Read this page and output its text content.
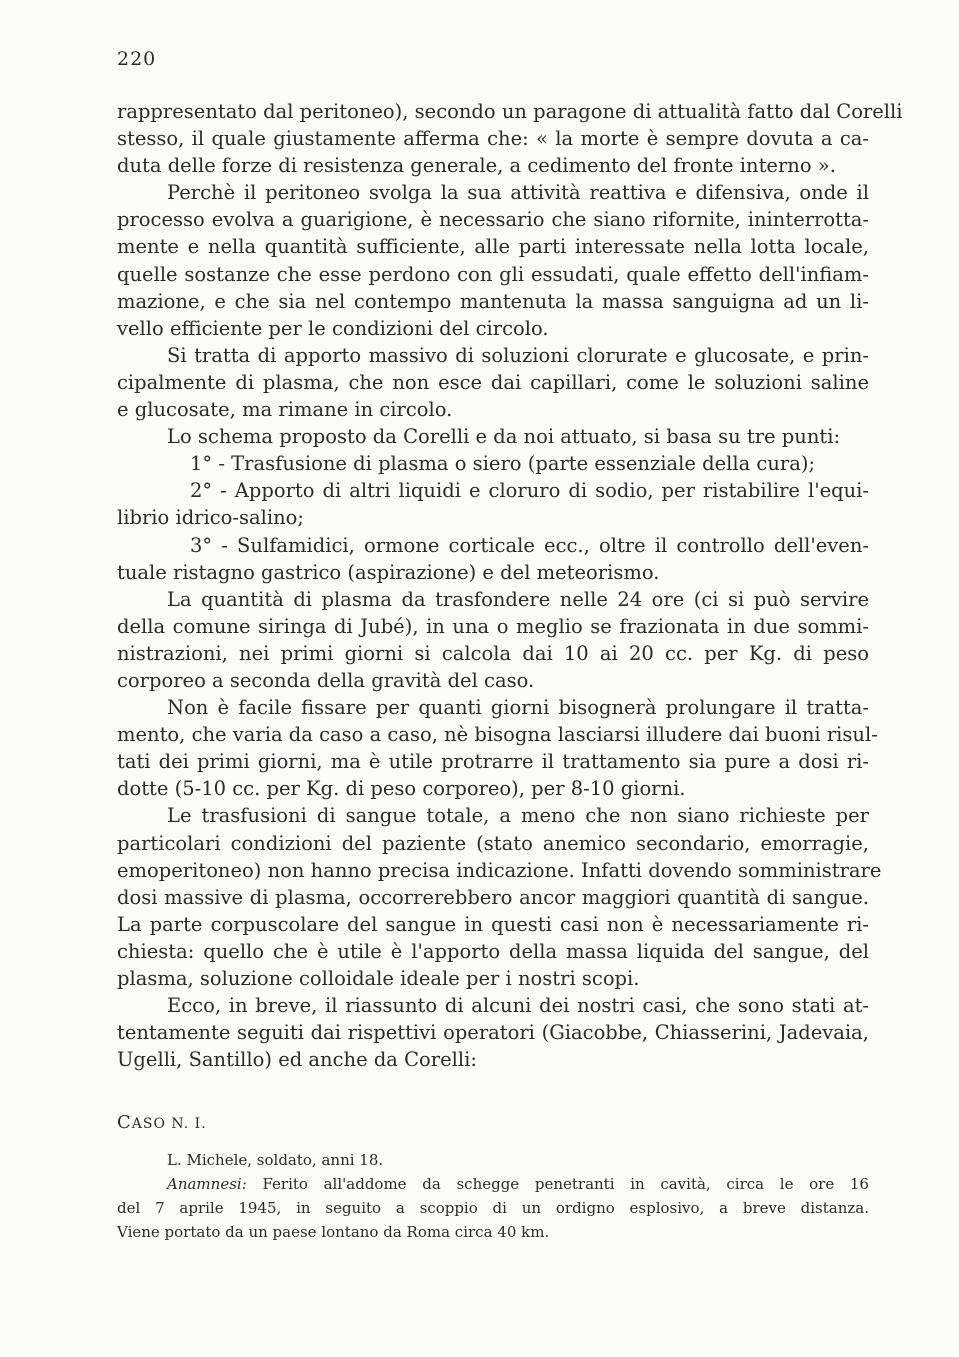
220
rappresentato dal peritoneo), secondo un paragone di attualità fatto dal Corelli
stesso, il quale giustamente afferma che: « la morte è sempre dovuta a ca-
duta delle forze di resistenza generale, a cedimento del fronte interno ».
Perchè il peritoneo svolga la sua attività reattiva e difensiva, onde il
processo evolva a guarigione, è necessario che siano rifornite, ininterrotta-
mente e nella quantità sufficiente, alle parti interessate nella lotta locale,
quelle sostanze che esse perdono con gli essudati, quale effetto dell'infiam-
mazione, e che sia nel contempo mantenuta la massa sanguigna ad un li-
vello efficiente per le condizioni del circolo.
Si tratta di apporto massivo di soluzioni clorurate e glucosate, e prin-
cipalmente di plasma, che non esce dai capillari, come le soluzioni saline
e glucosate, ma rimane in circolo.
Lo schema proposto da Corelli e da noi attuato, si basa su tre punti:
1° - Trasfusione di plasma o siero (parte essenziale della cura);
2° - Apporto di altri liquidi e cloruro di sodio, per ristabilire l'equi-
librio idrico-salino;
3° - Sulfamidici, ormone corticale ecc., oltre il controllo dell'even-
tuale ristagno gastrico (aspirazione) e del meteorismo.
La quantità di plasma da trasfondere nelle 24 ore (ci si può servire
della comune siringa di Jubé), in una o meglio se frazionata in due sommi-
nistrazioni, nei primi giorni si calcola dai 10 ai 20 cc. per Kg. di peso
corporeo a seconda della gravità del caso.
Non è facile fissare per quanti giorni bisognerà prolungare il tratta-
mento, che varia da caso a caso, nè bisogna lasciarsi illudere dai buoni risul-
tati dei primi giorni, ma è utile protrarre il trattamento sia pure a dosi ri-
dotte (5-10 cc. per Kg. di peso corporeo), per 8-10 giorni.
Le trasfusioni di sangue totale, a meno che non siano richieste per
particolari condizioni del paziente (stato anemico secondario, emorragie,
emoperitoneo) non hanno precisa indicazione. Infatti dovendo somministrare
dosi massive di plasma, occorrerebbero ancor maggiori quantità di sangue.
La parte corpuscolare del sangue in questi casi non è necessariamente ri-
chiesta: quello che è utile è l'apporto della massa liquida del sangue, del
plasma, soluzione colloidale ideale per i nostri scopi.
Ecco, in breve, il riassunto di alcuni dei nostri casi, che sono stati at-
tentamente seguiti dai rispettivi operatori (Giacobbe, Chiasserini, Jadevaia,
Ugelli, Santillo) ed anche da Corelli:
CASO N. I.
L. Michele, soldato, anni 18.
Anamnesi: Ferito all'addome da schegge penetranti in cavità, circa le ore 16
del 7 aprile 1945, in seguito a scoppio di un ordigno esplosivo, a breve distanza.
Viene portato da un paese lontano da Roma circa 40 km.
